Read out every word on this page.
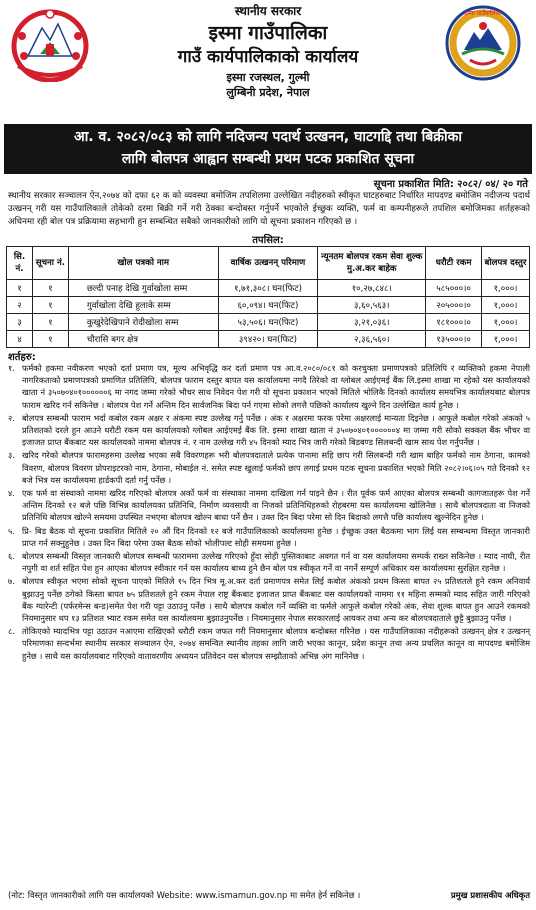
स्थानीय सरकार
इस्मा गाउँपालिका
गाउँ कार्यपालिकाको कार्यालय
इस्मा रजस्थल, गुल्मी
लुम्बिनी प्रदेश, नेपाल
इस्मा गाउँपालिका
आ. व. २०८२/०८३ को लागि नदिजन्य पदार्थ उत्खनन, घाटगद्दि तथा बिक्रीका
लागि बोलपत्र आह्वान सम्बन्धी प्रथम पटक प्रकाशित सूचना
सूचना प्रकाशित मिति: २०८२/ ०४/ २० गते
स्थानीय सरकार सञ्चालन ऐन,२०७४ को दफा ६२ क को व्यवस्था बमोजिम तपशिलमा उल्लेखित नदीहरुको स्वीकृत घाटहरुबाट निर्धारित मापदण्ड बमोजिम नदीजन्य पदार्थ उत्खनन् गरी यस गाउँपालिकाले तोकेको दरमा बिक्री गर्ने गरी ठेक्का बन्दोबस्त गर्नुपर्ने भएकोले ईच्छुक व्यक्ति, फर्म वा कम्पनीहरूले तपशिल बमोजिमका शर्तहरूको अधिनमा रही बोल पत्र प्रक्रियामा सहभागी हुन सम्बन्धित सबैको जानकारीको लागि यो सूचना प्रकाशन गरिएको छ ।
तपसिल:
सि. नं.	सूचना नं.	खोल पत्रको नाम	वार्षिक उत्खनन् परिमाण	न्यूनतम बोलपत्र रकम सेवा शुल्क मु.अ.कर बाहेक	धरौटी रकम	बोलपत्र दस्तुर
१	१	छल्दी पनाह देखि गुर्वाखोला सम्म	१,७१,३०८। घन(फिट)	१०,२७,८४८।	५८५०००।०	१,०००।
२	१	गुर्वाखोला देखि हुलाके सम्म	६०,०९४। घन(फिट)	३,६०,५६३।	२०५०००।०	१,०००।
३	१	कुखुरेदेखिपाने रोदीखोला सम्म	५३,५०६। घन(फिट)	३,२१,०३६।	१८१०००।०	१,०००।
४	१	चौरासि बगर क्षेत्र	३९४२०। घन(फिट)	२,३६,५६०।	१३५०००।०	१,०००।
शर्तहरु:
१. फर्मको हकमा नवीकरण भएको दर्ता प्रमाण पत्र, मूल्य अभिवृद्धि कर दर्ता प्रमाण पत्र आ.व.२०८०/०८१ को करचुक्ता प्रमाणपत्रको प्रतिलिपि र व्यक्तिको हकमा नेपाली नागरिकताको प्रमाणपत्रको प्रमाणित प्रतिलिपि, बोलपत्र फाराम दस्तुर बापत यस कार्यालयमा नगदै तिरेको वा ग्लोबल आईएमई बैंक लि.इस्मा शाखा मा रहेको यस कार्यालयको खाता नं ३५०७०४०१००००००६ मा नगद जम्मा गरेको भौचर साथ निवेदन पेश गरी यो सूचना प्रकाशन भएको मितिले भोलिकै दिनको कार्यालय समयभित्र कार्यालयबाट बोलपत्र फाराम खरिद गर्न सकिनेछ । बोलपत्र पेश गर्ने अन्तिम दिन सार्वजनिक बिदा पर्न गएमा सोको लगत्तै पछिको कार्यालय खुल्ने दिन उल्लेखित कार्य हुनेछ ।
२. बोलपत्र सम्बन्धी फाराम भर्दा कबोल रकम अक्षर र अंकमा स्पष्ट उल्लेख गर्नु पर्नेछ । अंक र अक्षरमा फरक परेमा अक्षरलाई मान्यता दिइनेछ । आफुले कबोल गरेको अंकको ५ प्रतिशतको दरले हुन आउने धरौटी रकम यस कार्यालयको ग्लोबल आईएमई बैंक लि. इस्मा शाखा खाता नं ३५०७०४०१००००००४ मा जम्मा गरी सोको सक्कल बैंक भौचर वा इजाजत प्राप्त बैंकबाट यस कार्यालयको नाममा बोलपत्र नं. र नाम उल्लेख गरी ४५ दिनको म्याद भित्र जारी गरेको बिडबण्ड सिलबन्दी खाम साथ पेश गर्नुपर्नेछ ।
३. खरिद गरेको बोलपत्र फारामहरुमा उल्लेख भएका सबै विवरणहरू भरी बोलपत्रदाताले प्रत्येक पानामा सहि छाप गरी सिलबन्दी गरी खाम बाहिर फर्मको नाम ठेगाना, कामको विवरण, बोलपत्र विवरण प्रोपराइटरको नाम, ठेगाना, मोबाईल नं. समेत स्पष्ट खुलाई फर्मको छाप लगाई प्रथम पटक सूचना प्रकाशित भएको मिति २०८२।०६।०५ गते दिनको १२ बजे भित्र यस कार्यालयमा हार्डकपी दर्ता गर्नु पर्नेछ ।
४. एक फर्म वा संस्थाको नाममा खरिद गरिएको बोलपत्र अर्को फर्म वा संस्थाका नाममा दाखिला गर्न पाइने छैन । रीत पूर्वक फर्म आएका बोलपत्र सम्बन्धी कागजातहरू पेश गर्ने अन्तिम दिनको १२ बजे पछि विभिन्न कार्यालयका प्रतिनिधि, निर्माण व्यवसायी वा निजको प्रतिनिधिहरुको रोहबरमा यस कार्यालयमा खोलिनेछ । साथै बोलपत्रदाता वा निजको प्रतिनिधि बोलपत्र खोल्ने समयमा उपस्थित नभएमा बोलपत्र खोल्न बाधा पर्ने छैन । उक्त दिन बिदा परेमा सो दिन बिदाको लगत्तै पछि कार्यालय खुल्नेदिन हुनेछ ।
५. प्रि- बिड बैठक यो सूचना प्रकाशित मितिले २० औं दिन दिनको १२ बजे गाउँपालिकाको कार्यालयमा हुनेछ । ईच्छुक उक्त बैठकमा भाग लिई यस सम्बन्धमा विस्तृत जानकारी प्राप्त गर्न सक्नुहुनेछ । उक्त दिन बिदा परेमा उक्त बैठक सोको भोलीपल्ट सोही समयमा हुनेछ ।
६. बोलपत्र सम्बन्धी विस्तृत जानकारी बोलपत्र सम्बन्धी फाराममा उल्लेख गरिएको हुँदा सोही पुस्तिकाबाट अवगत गर्न वा यस कार्यालयमा सम्पर्क राख्न सकिनेछ । म्याद नाघी, रीत नपुगी वा शर्त सहित पेश हुन आएका बोलपत्र स्वीकार गर्न यस कार्यालय बाध्य हुने छैन बोल पत्र स्वीकृत गर्ने वा नगर्ने सम्पूर्ण अधिकार यस कार्यालयमा सुरक्षित रहनेछ ।
७. बोलपत्र स्वीकृत भएमा सोको सूचना पाएको मितिले १५ दिन भित्र मू.अ.कर दर्ता प्रमाणपत्र समेत लिई कबोल अंकको प्रथम किस्ता बापत २५ प्रतिशतले हुने रकम अनिवार्य बुझाउनु पर्नेछ ठगेको किस्ता बापत ७५ प्रतिशतले हुने रकम नेपाल राष्ट्र बैंकबाट इजाजत प्राप्त बैंकबाट यस कार्यालयको नाममा ११ महिना सम्मको म्याद सहित जारी गरिएको बैंक ग्यारेन्टी (पर्फरमेन्स बन्ड)समेत पेश गरी पट्टा उठाउनु पर्नेछ । साथै बोलपत्र कबोल गर्ने व्यक्ति वा फर्मले आफुले कबोल गरेको अंक, सेवा शुल्क बापत हुन आउने रकमको नियमानुसार थप १३ प्रतिशत भ्याट रकम समेत यस कार्यालयमा बुझाउनुपर्नेछ । नियमानुसार नेपाल सरकारलाई आयकर तथा अन्य कर बोलपत्रदाताले छुट्टै बुझाउनु पर्नेछ ।
८. तोकिएको म्यादभित्र पट्टा उठाउन नआएमा राखिएको धरौटी रकम जफत गरी नियमानुसार बोलपत्र बन्दोबस्त गरिनेछ । यस गाउँपालिकाका नदीहरूको उत्खनन् क्षेत्र र उत्खनन् परिमाणका सन्दर्भमा स्थानीय सरकार सञ्चालन ऐन, २०७४ समन्वित स्थानीय तहका लागि जारी भएका कानून, प्रदेश कानून तथा अन्य प्रचलित कानून वा मापदण्ड बमोजिम हुनेछ । साथै यस कार्यालयबाट गरिएको वातावरणीय अध्ययन प्रतिवेदन यस बोलपत्र सम्झौताको अभिन्न अंग मानिनेछ ।
(नोट: विस्तृत जानकारीको लागि यस कार्यालयको Website: www.ismamun.gov.np मा समेत हेर्न सकिनेछ ।	प्रमुख प्रशासकीय अधिकृत
